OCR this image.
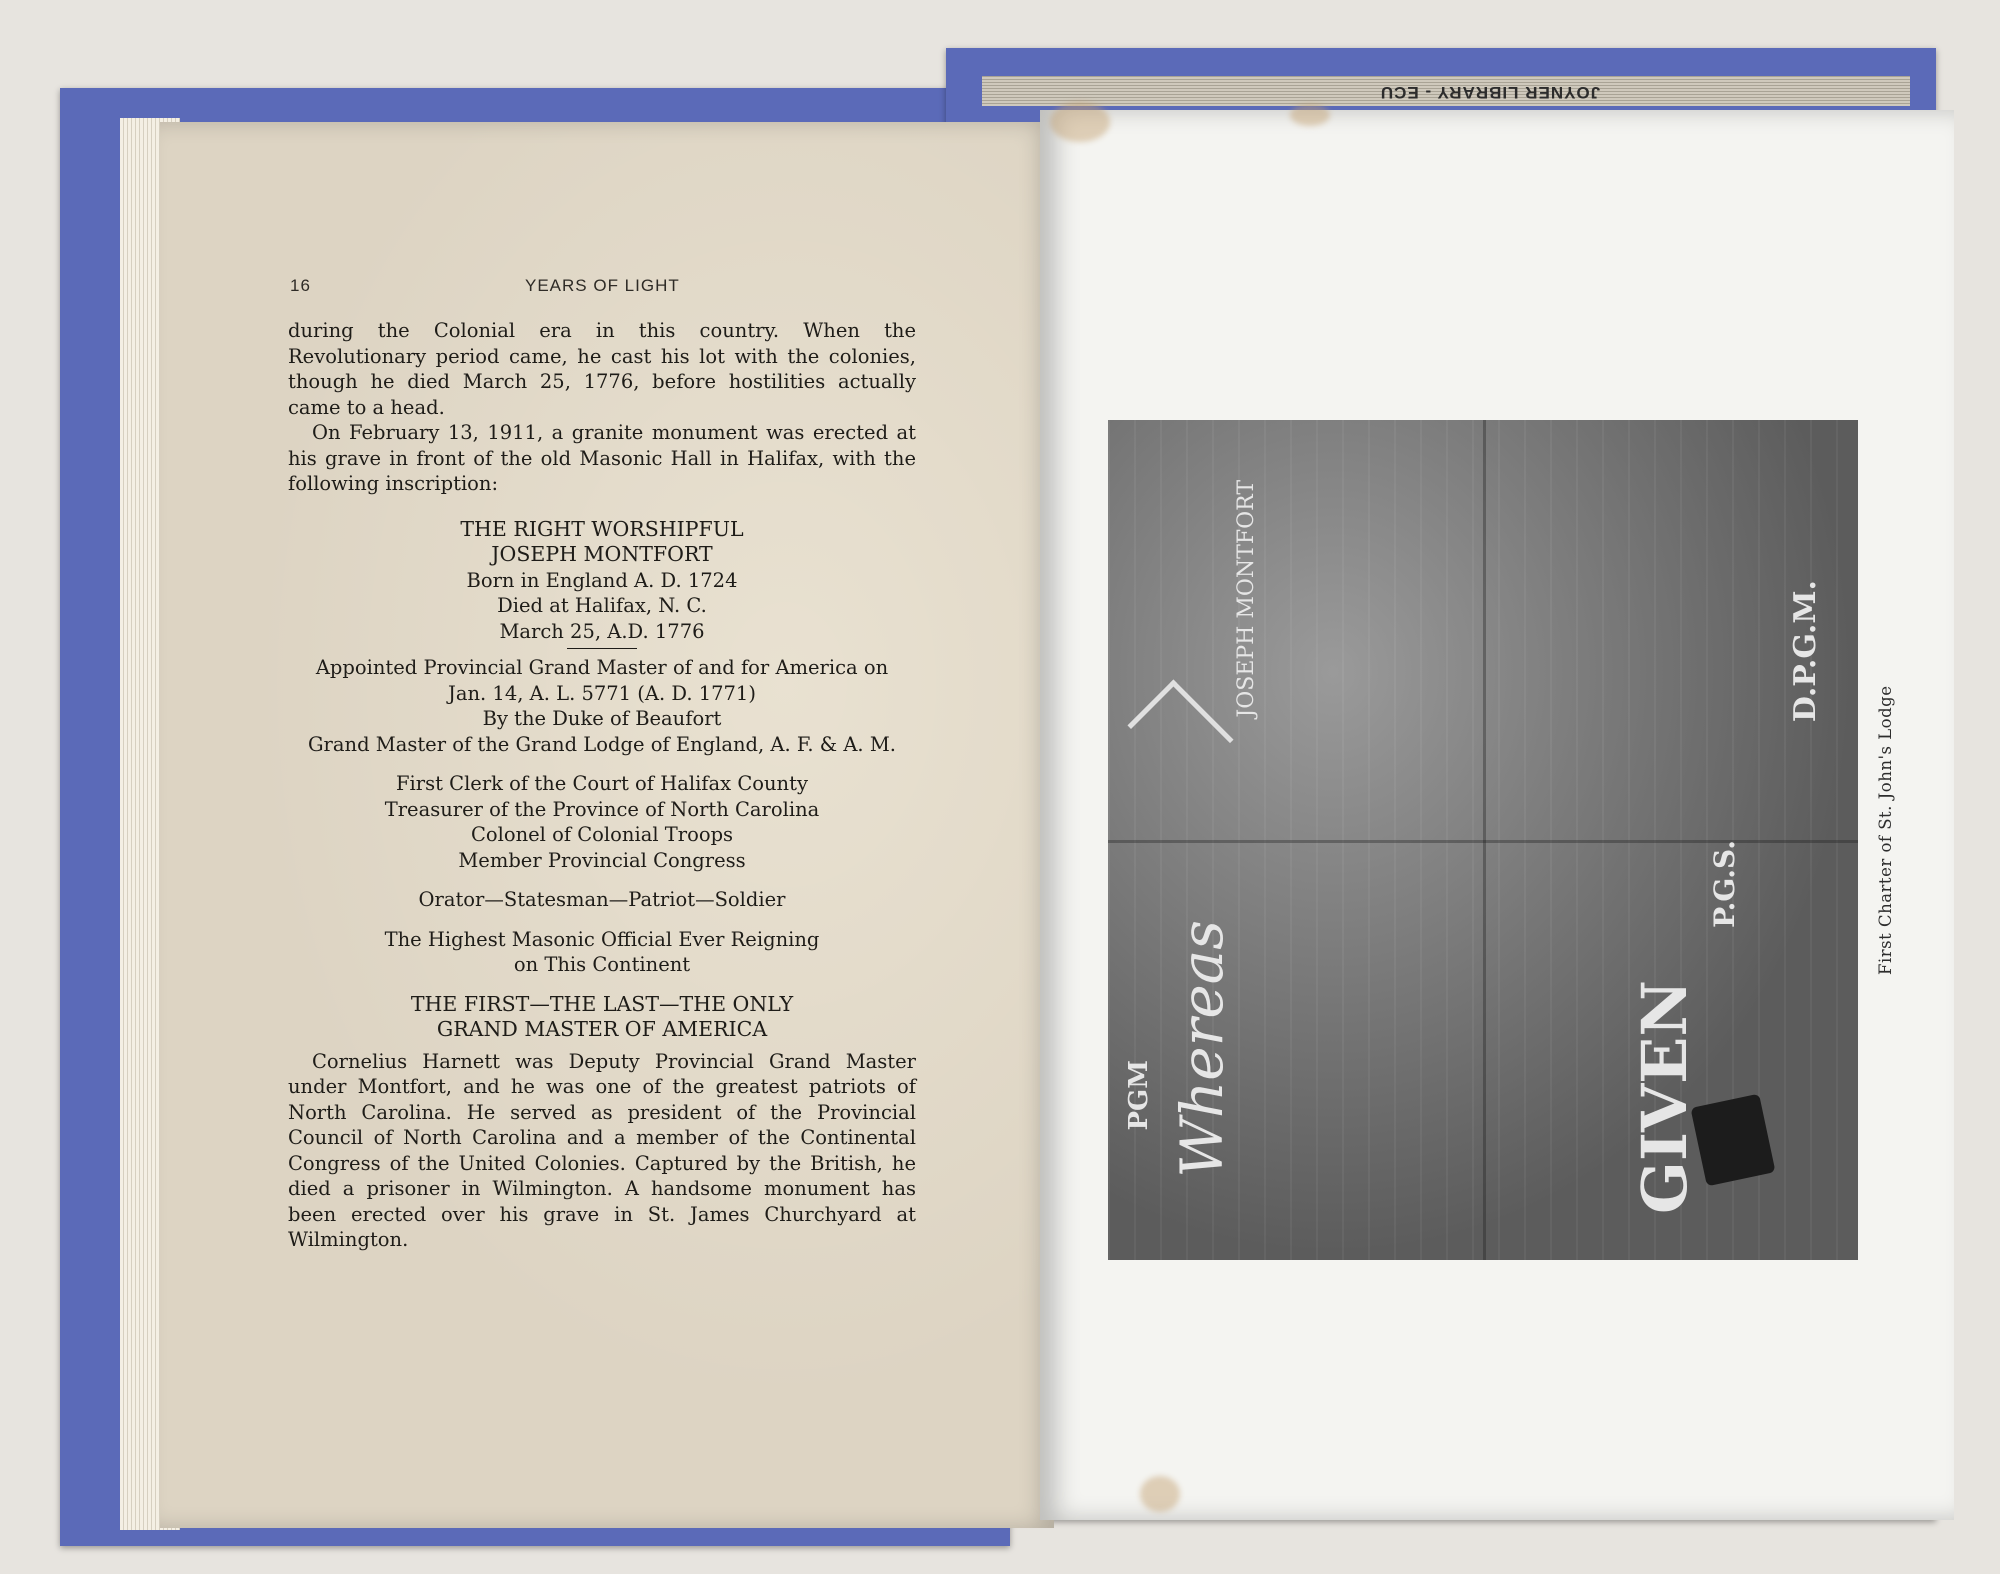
JOYNER LIBRARY - ECU
16	YEARS OF LIGHT

during the Colonial era in this country. When the Revolutionary period came, he cast his lot with the colonies, though he died March 25, 1776, before hostilities actually came to a head.

On February 13, 1911, a granite monument was erected at his grave in front of the old Masonic Hall in Halifax, with the following inscription:

THE RIGHT WORSHIPFUL
JOSEPH MONTFORT
Born in England A. D. 1724
Died at Halifax, N. C.
March 25, A.D. 1776
Appointed Provincial Grand Master of and for America on
Jan. 14, A. L. 5771 (A. D. 1771)
By the Duke of Beaufort
Grand Master of the Grand Lodge of England, A. F. & A. M.
First Clerk of the Court of Halifax County
Treasurer of the Province of North Carolina
Colonel of Colonial Troops
Member Provincial Congress
Orator—Statesman—Patriot—Soldier
The Highest Masonic Official Ever Reigning
on This Continent
THE FIRST—THE LAST—THE ONLY
GRAND MASTER OF AMERICA

Cornelius Harnett was Deputy Provincial Grand Master under Montfort, and he was one of the greatest patriots of North Carolina. He served as president of the Provincial Council of North Carolina and a member of the Continental Congress of the United Colonies. Captured by the British, he died a prisoner in Wilmington. A handsome monument has been erected over his grave in St. James Churchyard at Wilmington.

PGM Whereas
JOSEPH MONTFORT
GIVEN
P.G.S.
D.P.G.M.
First Charter of St. John's Lodge
